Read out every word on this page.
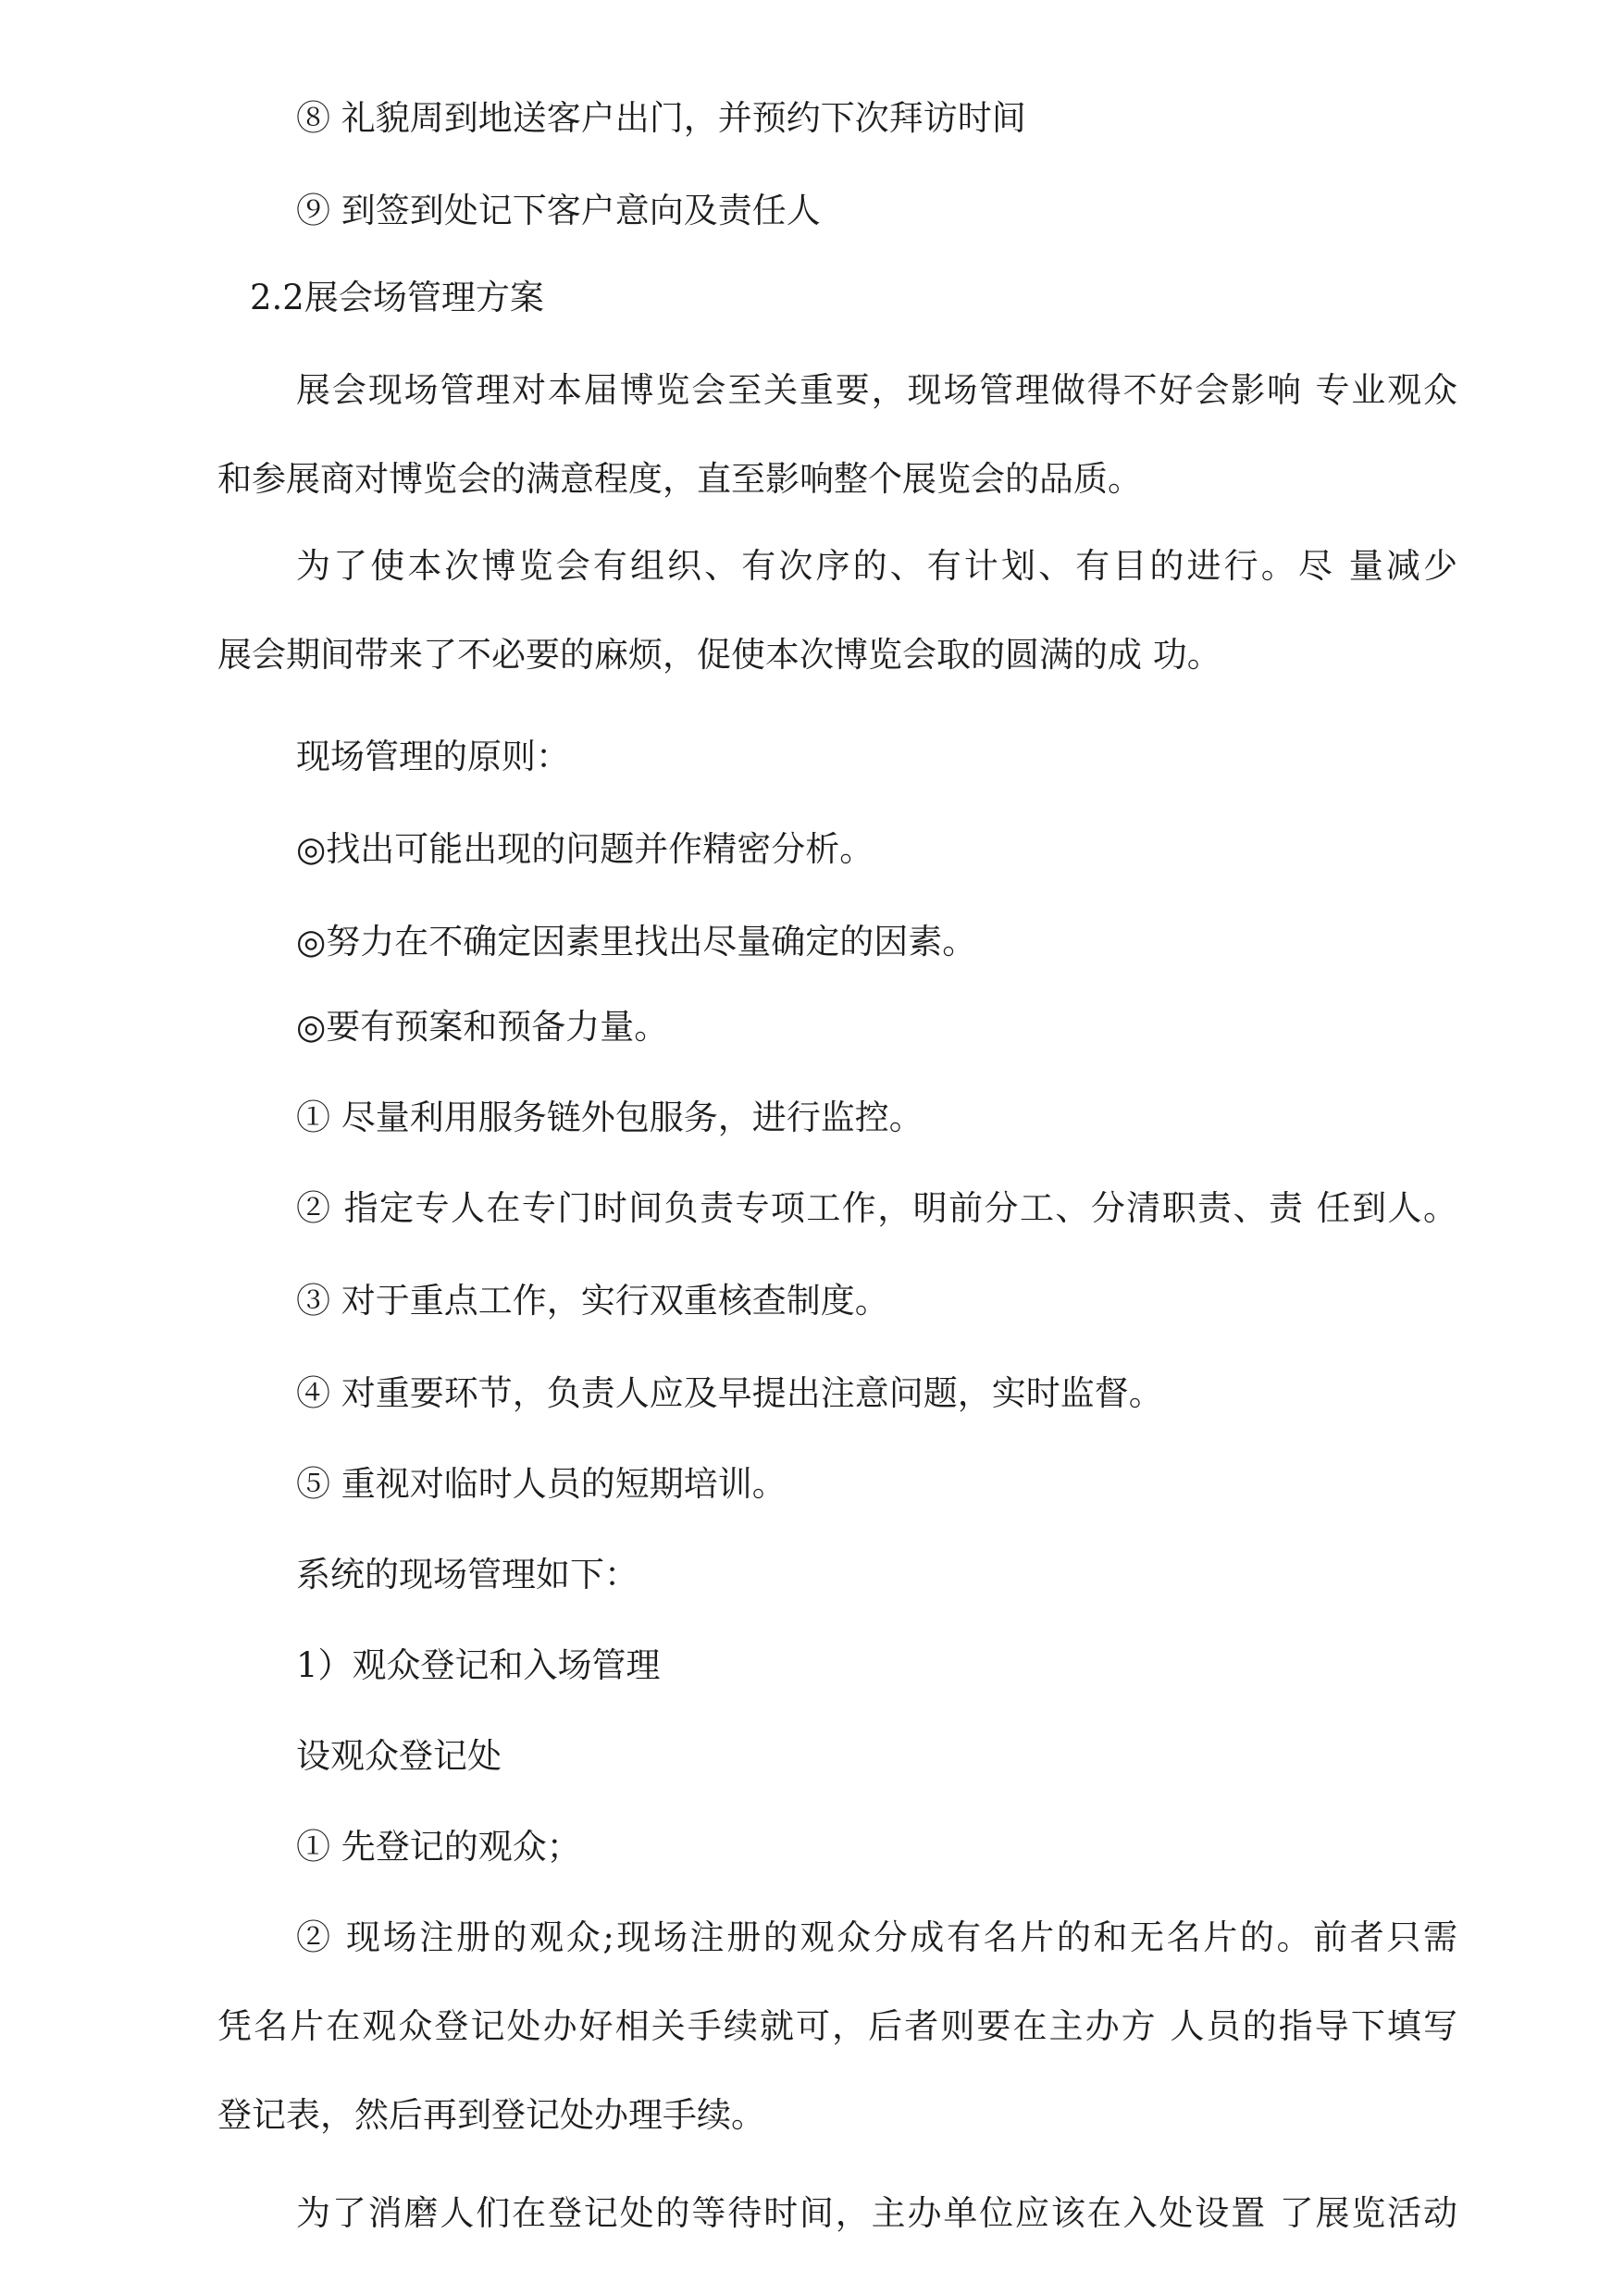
⑧ 礼貌周到地送客户出门，并预约下次拜访时间
⑨ 到签到处记下客户意向及责任人
2.2展会场管理方案
展会现场管理对本届博览会至关重要，现场管理做得不好会影响 专业观众
和参展商对博览会的满意程度，直至影响整个展览会的品质。
为了使本次博览会有组织、有次序的、有计划、有目的进行。尽 量减少
展会期间带来了不必要的麻烦，促使本次博览会取的圆满的成 功。
现场管理的原则：
◎找出可能出现的问题并作精密分析。
◎努力在不确定因素里找出尽量确定的因素。
◎要有预案和预备力量。
① 尽量利用服务链外包服务，进行监控。
② 指定专人在专门时间负责专项工作，明前分工、分清职责、责 任到人。
③ 对于重点工作，实行双重核查制度。
④ 对重要环节，负责人应及早提出注意问题，实时监督。
⑤ 重视对临时人员的短期培训。
系统的现场管理如下：
1）观众登记和入场管理
设观众登记处
① 先登记的观众；
② 现场注册的观众;现场注册的观众分成有名片的和无名片的。前者只需
凭名片在观众登记处办好相关手续就可，后者则要在主办方 人员的指导下填写
登记表，然后再到登记处办理手续。
为了消磨人们在登记处的等待时间，主办单位应该在入处设置 了展览活动
